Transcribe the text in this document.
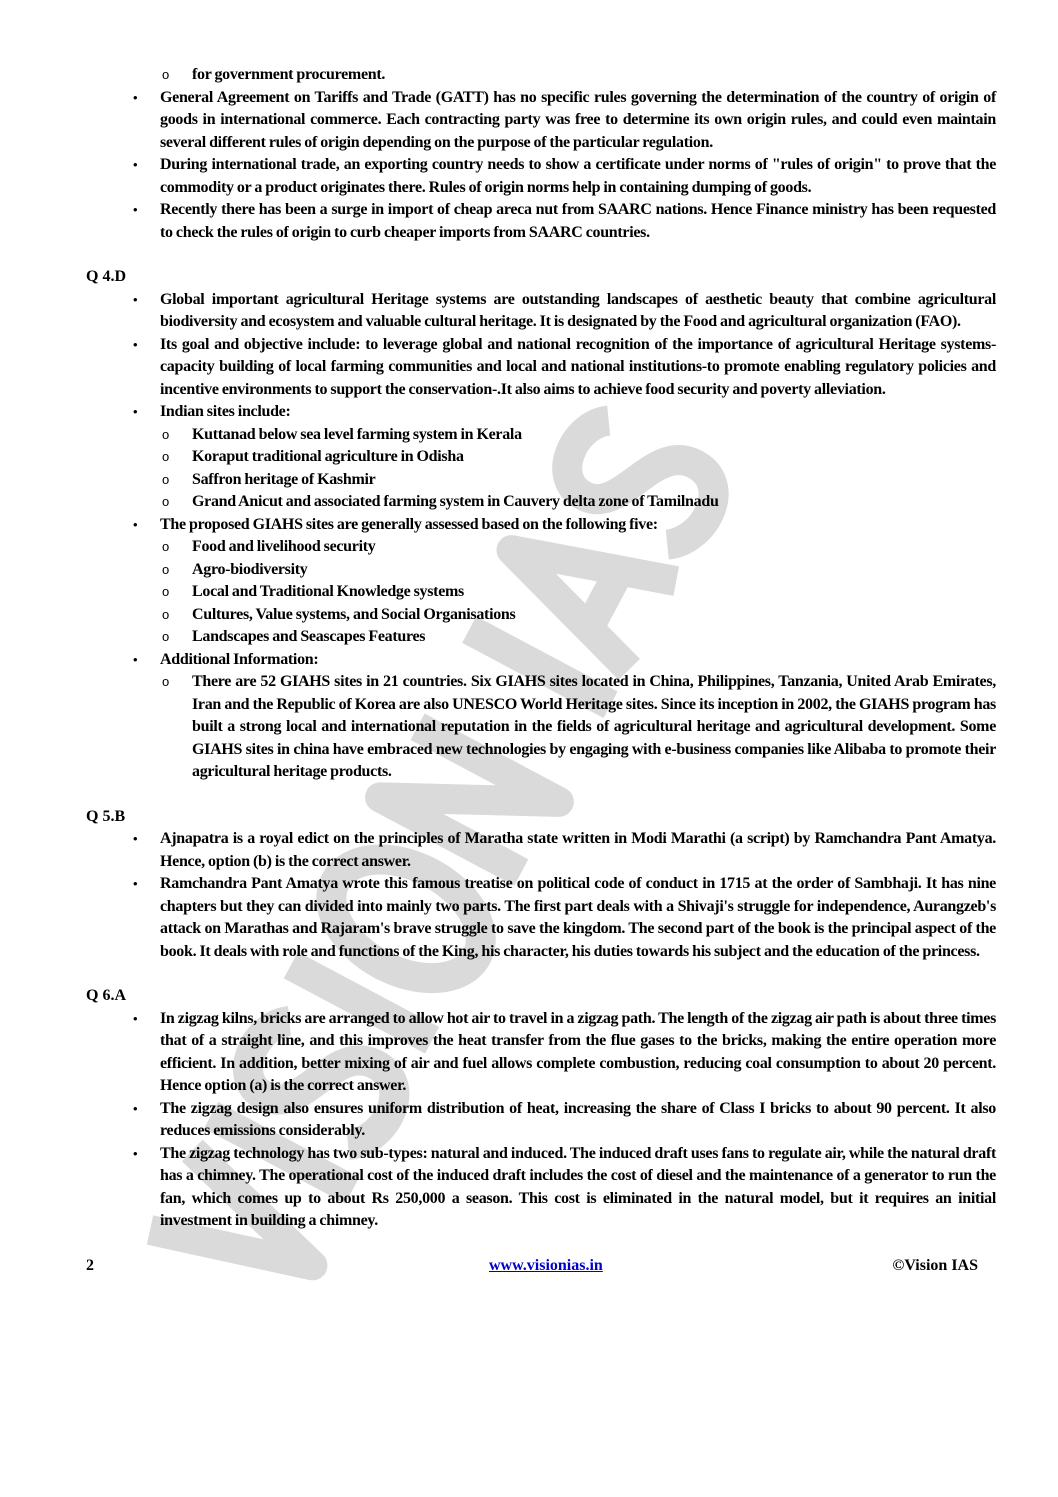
o for government procurement.
• General Agreement on Tariffs and Trade (GATT) has no specific rules governing the determination of the country of origin of goods in international commerce. Each contracting party was free to determine its own origin rules, and could even maintain several different rules of origin depending on the purpose of the particular regulation.
• During international trade, an exporting country needs to show a certificate under norms of "rules of origin" to prove that the commodity or a product originates there. Rules of origin norms help in containing dumping of goods.
• Recently there has been a surge in import of cheap areca nut from SAARC nations. Hence Finance ministry has been requested to check the rules of origin to curb cheaper imports from SAARC countries.

Q 4.D

• Global important agricultural Heritage systems are outstanding landscapes of aesthetic beauty that combine agricultural biodiversity and ecosystem and valuable cultural heritage. It is designated by the Food and agricultural organization (FAO).
• Its goal and objective include: to leverage global and national recognition of the importance of agricultural Heritage systems-capacity building of local farming communities and local and national institutions-to promote enabling regulatory policies and incentive environments to support the conservation-.It also aims to achieve food security and poverty alleviation.
• Indian sites include:
o Kuttanad below sea level farming system in Kerala
o Koraput traditional agriculture in Odisha
o Saffron heritage of Kashmir
o Grand Anicut and associated farming system in Cauvery delta zone of Tamilnadu
• The proposed GIAHS sites are generally assessed based on the following five:
o Food and livelihood security
o Agro-biodiversity
o Local and Traditional Knowledge systems
o Cultures, Value systems, and Social Organisations
o Landscapes and Seascapes Features
• Additional Information:
o There are 52 GIAHS sites in 21 countries. Six GIAHS sites located in China, Philippines, Tanzania, United Arab Emirates, Iran and the Republic of Korea are also UNESCO World Heritage sites. Since its inception in 2002, the GIAHS program has built a strong local and international reputation in the fields of agricultural heritage and agricultural development. Some GIAHS sites in china have embraced new technologies by engaging with e-business companies like Alibaba to promote their agricultural heritage products.

Q 5.B

• Ajnapatra is a royal edict on the principles of Maratha state written in Modi Marathi (a script) by Ramchandra Pant Amatya. Hence, option (b) is the correct answer.
• Ramchandra Pant Amatya wrote this famous treatise on political code of conduct in 1715 at the order of Sambhaji. It has nine chapters but they can divided into mainly two parts. The first part deals with a Shivaji's struggle for independence, Aurangzeb's attack on Marathas and Rajaram's brave struggle to save the kingdom. The second part of the book is the principal aspect of the book. It deals with role and functions of the King, his character, his duties towards his subject and the education of the princess.

Q 6.A

• In zigzag kilns, bricks are arranged to allow hot air to travel in a zigzag path. The length of the zigzag air path is about three times that of a straight line, and this improves the heat transfer from the flue gases to the bricks, making the entire operation more efficient. In addition, better mixing of air and fuel allows complete combustion, reducing coal consumption to about 20 percent. Hence option (a) is the correct answer.
• The zigzag design also ensures uniform distribution of heat, increasing the share of Class I bricks to about 90 percent. It also reduces emissions considerably.
• The zigzag technology has two sub-types: natural and induced. The induced draft uses fans to regulate air, while the natural draft has a chimney. The operational cost of the induced draft includes the cost of diesel and the maintenance of a generator to run the fan, which comes up to about Rs 250,000 a season. This cost is eliminated in the natural model, but it requires an initial investment in building a chimney.
2	www.visionias.in	©Vision IAS
